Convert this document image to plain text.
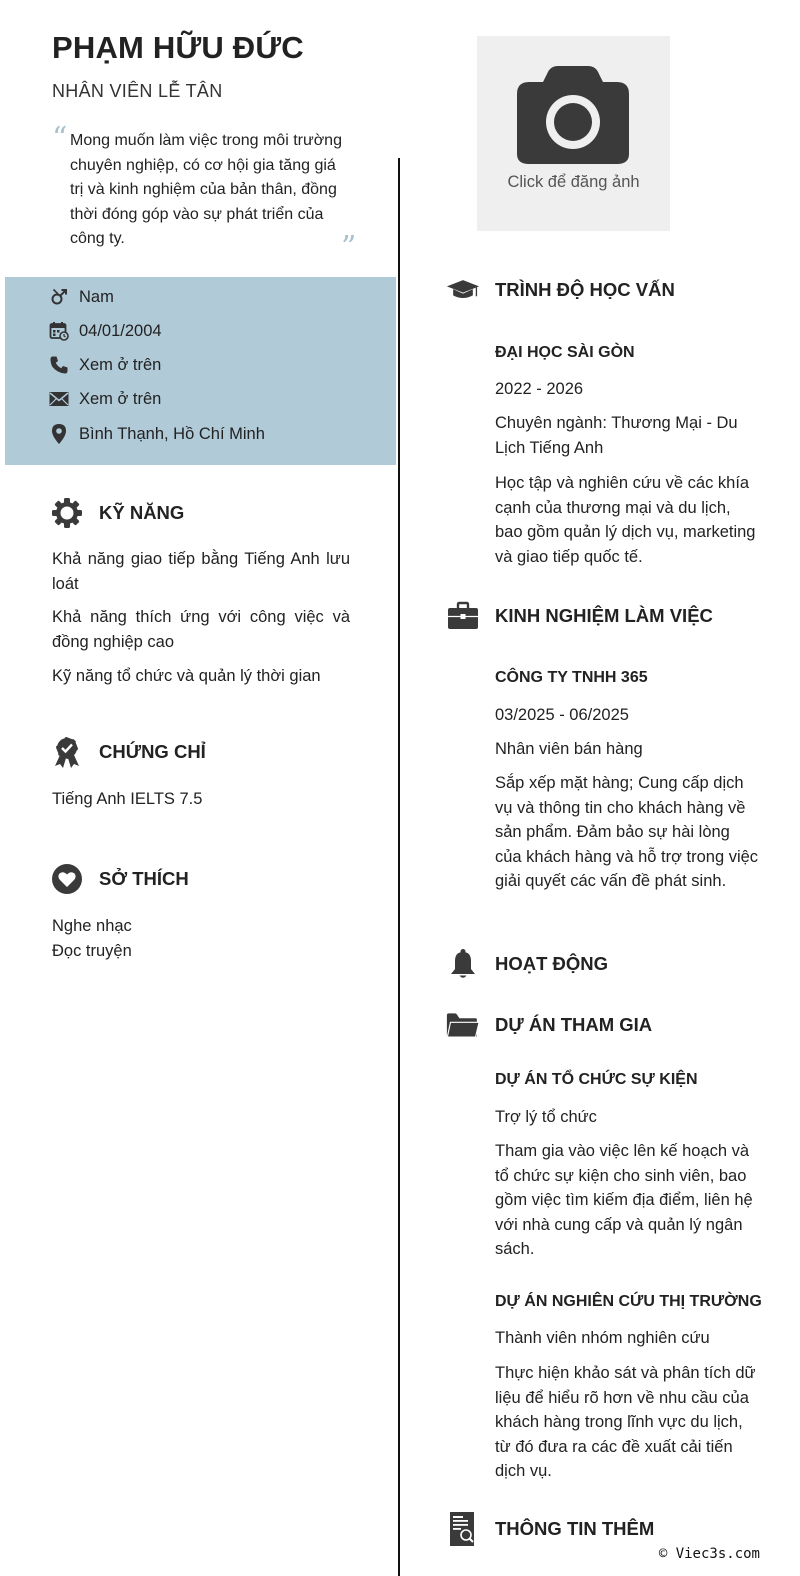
PHẠM HỮU ĐỨC
NHÂN VIÊN LỄ TÂN
“ Mong muốn làm việc trong môi trường chuyên nghiệp, có cơ hội gia tăng giá trị và kinh nghiệm của bản thân, đồng thời đóng góp vào sự phát triển của công ty.	”
Click để đăng ảnh
Nam
04/01/2004
Xem ở trên
Xem ở trên
Bình Thạnh, Hồ Chí Minh
KỸ NĂNG
Khả năng giao tiếp bằng Tiếng Anh lưu loát
Khả năng thích ứng với công việc và đồng nghiệp cao
Kỹ năng tổ chức và quản lý thời gian
CHỨNG CHỈ
Tiếng Anh IELTS 7.5
SỞ THÍCH
Nghe nhạc
Đọc truyện
TRÌNH ĐỘ HỌC VẤN
ĐẠI HỌC SÀI GÒN
2022 - 2026
Chuyên ngành: Thương Mại - Du Lịch Tiếng Anh
Học tập và nghiên cứu về các khía cạnh của thương mại và du lịch, bao gồm quản lý dịch vụ, marketing và giao tiếp quốc tế.
KINH NGHIỆM LÀM VIỆC
CÔNG TY TNHH 365
03/2025 - 06/2025
Nhân viên bán hàng
Sắp xếp mặt hàng; Cung cấp dịch vụ và thông tin cho khách hàng về sản phẩm. Đảm bảo sự hài lòng của khách hàng và hỗ trợ trong việc giải quyết các vấn đề phát sinh.
HOẠT ĐỘNG
DỰ ÁN THAM GIA
DỰ ÁN TỔ CHỨC SỰ KIỆN
Trợ lý tổ chức
Tham gia vào việc lên kế hoạch và tổ chức sự kiện cho sinh viên, bao gồm việc tìm kiếm địa điểm, liên hệ với nhà cung cấp và quản lý ngân sách.
DỰ ÁN NGHIÊN CỨU THỊ TRƯỜNG
Thành viên nhóm nghiên cứu
Thực hiện khảo sát và phân tích dữ liệu để hiểu rõ hơn về nhu cầu của khách hàng trong lĩnh vực du lịch, từ đó đưa ra các đề xuất cải tiến dịch vụ.
THÔNG TIN THÊM
© Viec3s.com
